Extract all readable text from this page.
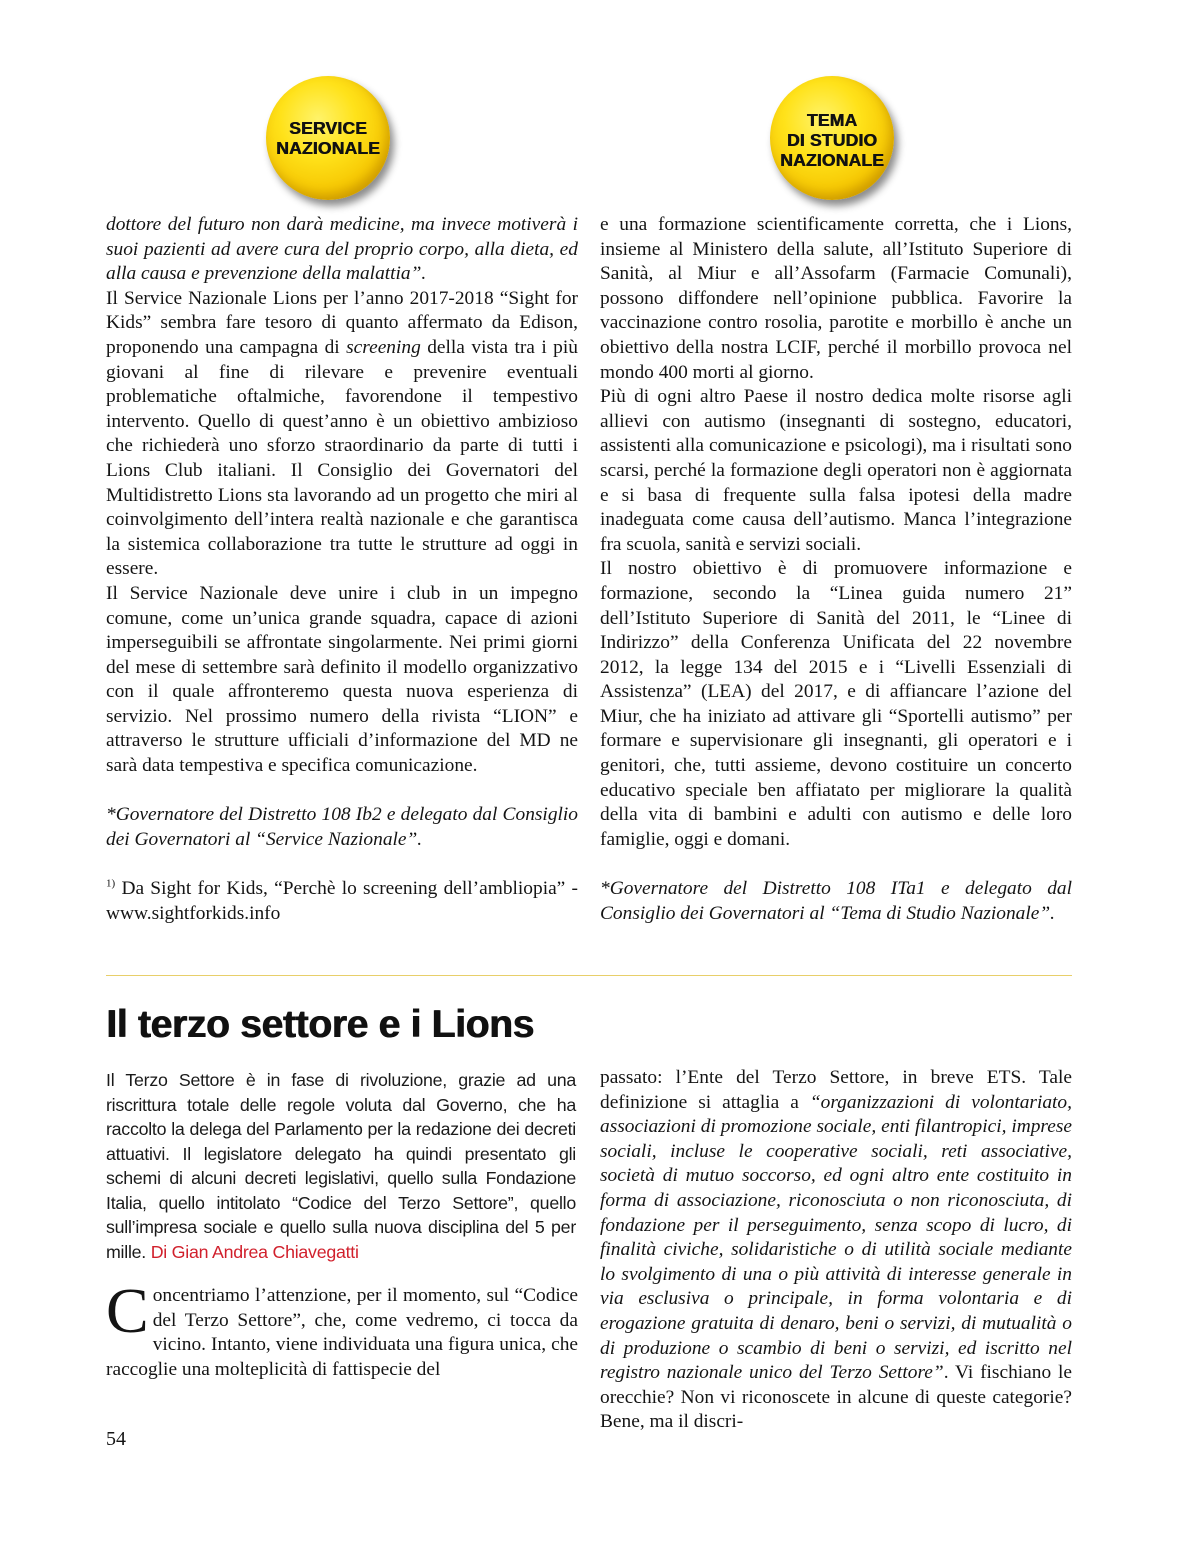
SERVICE
NAZIONALE
TEMA
DI STUDIO
NAZIONALE

dottore del futuro non darà medicine, ma invece motiverà i suoi pazienti ad avere cura del proprio corpo, alla dieta, ed alla causa e prevenzione della malattia”.

Il Service Nazionale Lions per l’anno 2017-2018 “Sight for Kids” sembra fare tesoro di quanto affermato da Edison, proponendo una campagna di screening della vista tra i più giovani al fine di rilevare e prevenire eventuali problematiche oftalmiche, favorendone il tempestivo intervento. Quello di quest’anno è un obiettivo ambizioso che richiederà uno sforzo straordinario da parte di tutti i Lions Club italiani. Il Consiglio dei Governatori del Multidistretto Lions sta lavorando ad un progetto che miri al coinvolgimento dell’intera realtà nazionale e che garantisca la sistemica collaborazione tra tutte le strutture ad oggi in essere.

Il Service Nazionale deve unire i club in un impegno comune, come un’unica grande squadra, capace di azioni imperseguibili se affrontate singolarmente. Nei primi giorni del mese di settembre sarà definito il modello organizzativo con il quale affronteremo questa nuova esperienza di servizio. Nel prossimo numero della rivista “LION” e attraverso le strutture ufficiali d’informazione del MD ne sarà data tempestiva e specifica comunicazione.

*Governatore del Distretto 108 Ib2 e delegato dal Consiglio dei Governatori al “Service Nazionale”.

$^{1)}$ Da Sight for Kids, “Perchè lo screening dell’ambliopia” - www.sightforkids.info

e una formazione scientificamente corretta, che i Lions, insieme al Ministero della salute, all’Istituto Superiore di Sanità, al Miur e all’Assofarm (Farmacie Comunali), possono diffondere nell’opinione pubblica. Favorire la vaccinazione contro rosolia, parotite e morbillo è anche un obiettivo della nostra LCIF, perché il morbillo provoca nel mondo 400 morti al giorno.

Più di ogni altro Paese il nostro dedica molte risorse agli allievi con autismo (insegnanti di sostegno, educatori, assistenti alla comunicazione e psicologi), ma i risultati sono scarsi, perché la formazione degli operatori non è aggiornata e si basa di frequente sulla falsa ipotesi della madre inadeguata come causa dell’autismo. Manca l’integrazione fra scuola, sanità e servizi sociali.

Il nostro obiettivo è di promuovere informazione e formazione, secondo la “Linea guida numero 21” dell’Istituto Superiore di Sanità del 2011, le “Linee di Indirizzo” della Conferenza Unificata del 22 novembre 2012, la legge 134 del 2015 e i “Livelli Essenziali di Assistenza” (LEA) del 2017, e di affiancare l’azione del Miur, che ha iniziato ad attivare gli “Sportelli autismo” per formare e supervisionare gli insegnanti, gli operatori e i genitori, che, tutti assieme, devono costituire un concerto educativo speciale ben affiatato per migliorare la qualità della vita di bambini e adulti con autismo e delle loro famiglie, oggi e domani.

*Governatore del Distretto 108 ITa1 e delegato dal Consiglio dei Governatori al “Tema di Studio Nazionale”.

Il terzo settore e i Lions

Il Terzo Settore è in fase di rivoluzione, grazie ad una riscrittura totale delle regole voluta dal Governo, che ha raccolto la delega del Parlamento per la redazione dei decreti attuativi. Il legislatore delegato ha quindi presentato gli schemi di alcuni decreti legislativi, quello sulla Fondazione Italia, quello intitolato “Codice del Terzo Settore”, quello sull’impresa sociale e quello sulla nuova disciplina del 5 per mille. Di Gian Andrea Chiavegatti

Concentriamo l’attenzione, per il momento, sul “Codice del Terzo Settore”, che, come vedremo, ci tocca da vicino. Intanto, viene individuata una figura unica, che raccoglie una molteplicità di fattispecie del

passato: l’Ente del Terzo Settore, in breve ETS. Tale definizione si attaglia a “organizzazioni di volontariato, associazioni di promozione sociale, enti filantropici, imprese sociali, incluse le cooperative sociali, reti associative, società di mutuo soccorso, ed ogni altro ente costituito in forma di associazione, riconosciuta o non riconosciuta, di fondazione per il perseguimento, senza scopo di lucro, di finalità civiche, solidaristiche o di utilità sociale mediante lo svolgimento di una o più attività di interesse generale in via esclusiva o principale, in forma volontaria e di erogazione gratuita di denaro, beni o servizi, di mutualità o di produzione o scambio di beni o servizi, ed iscritto nel registro nazionale unico del Terzo Settore”. Vi fischiano le orecchie? Non vi riconoscete in alcune di queste categorie? Bene, ma il discri-

54
